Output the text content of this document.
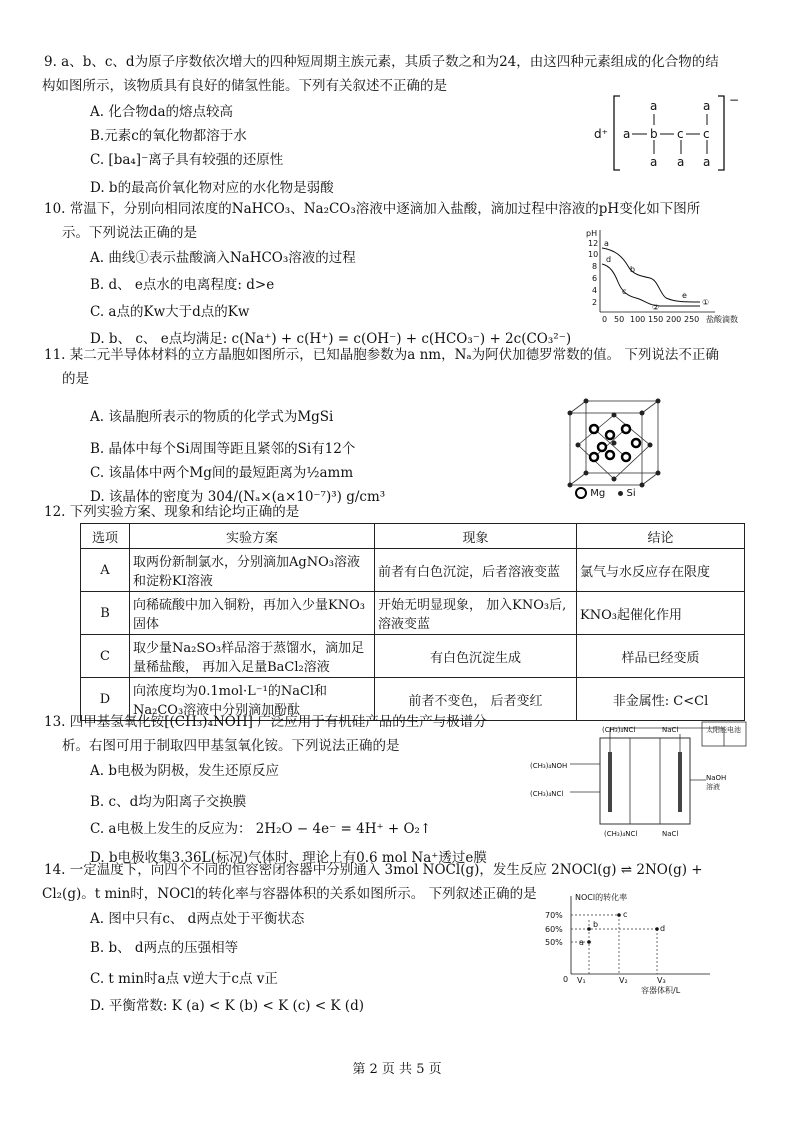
9. a、b、c、d为原子序数依次增大的四种短周期主族元素，其质子数之和为24，由这四种元素组成的化合物的结

构如图所示，该物质具有良好的储氢性能。下列有关叙述不正确的是

A. 化合物da的熔点较高
B.元素c的氧化物都溶于水
C. [ba₄]⁻离子具有较强的还原性
D. b的最高价氧化物对应的水化物是弱酸
d⁺
−
a b c c
a	a
a a a

10. 常温下，分别向相同浓度的NaHCO₃、Na₂CO₃溶液中逐滴加入盐酸，滴加过程中溶液的pH变化如下图所

示。下列说法正确的是

A. 曲线①表示盐酸滴入NaHCO₃溶液的过程
B. d、 e点水的电离程度: d>e
C. a点的Kw大于d点的Kw
D. b、 c、 e点均满足: c(Na⁺) + c(H⁺) = c(OH⁻) + c(HCO₃⁻) + 2c(CO₃²⁻)
pH
12
10
8
6
4
2
0 50 100 150 200 250 盐酸滴数
a
b
c
d
e
②
①

11. 某二元半导体材料的立方晶胞如图所示，已知晶胞参数为a nm，Nₐ为阿伏加德罗常数的值。 下列说法不正确

的是

A. 该晶胞所表示的物质的化学式为MgSi
B. 晶体中每个Si周围等距且紧邻的Si有12个
C. 该晶体中两个Mg间的最短距离为½amm
D. 该晶体的密度为 304/(Nₐ×(a×10⁻⁷)³) g/cm³	Mg Si

12. 下列实验方案、现象和结论均正确的是

选项	实验方案	现象	结论
A	取两份新制氯水，分别滴加AgNO₃溶液和淀粉KI溶液	前者有白色沉淀，后者溶液变蓝	氯气与水反应存在限度
B	向稀硫酸中加入铜粉，再加入少量KNO₃固体	开始无明显现象， 加入KNO₃后,溶液变蓝	KNO₃起催化作用
C	取少量Na₂SO₃样品溶于蒸馏水，滴加足量稀盐酸， 再加入足量BaCl₂溶液	有白色沉淀生成	样品已经变质
D	向浓度均为0.1mol·L⁻¹的NaCl和Na₂CO₃溶液中分别滴加酚酞	前者不变色， 后者变红	非金属性: C<Cl

13. 四甲基氢氧化铵[(CH₃)₄NOH] 广泛应用于有机硅产品的生产与极谱分

析。右图可用于制取四甲基氢氧化铵。下列说法正确的是

A. b电极为阴极，发生还原反应
B. c、d均为阳离子交换膜
C. a电极上发生的反应为： 2H₂O − 4e⁻ = 4H⁺ + O₂↑
D. b电极收集3.36L(标况)气体时，理论上有0.6 mol Na⁺透过e膜
太阳能电池
(CH₃)₄NCl	NaCl
(CH₃)₄NOH
(CH₃)₄NCl
(CH₃)₄NCl	NaCl
NaOH
溶液

14. 一定温度下，向四个不同的恒容密闭容器中分别通入 3mol NOCl(g)，发生反应 2NOCl(g) ⇌ 2NO(g) +

Cl₂(g)。t min时，NOCl的转化率与容器体积的关系如图所示。 下列叙述正确的是

A. 图中只有c、 d两点处于平衡状态
B. b、 d两点的压强相等
C. t min时a点 v逆大于c点 v正
D. 平衡常数: K (a) < K (b) < K (c) < K (d)
NOCl的转化率
70%
60%
50%
0 V₁	V₂	V₃
容器体积/L
a
b
c
d
第 2 页 共 5 页
